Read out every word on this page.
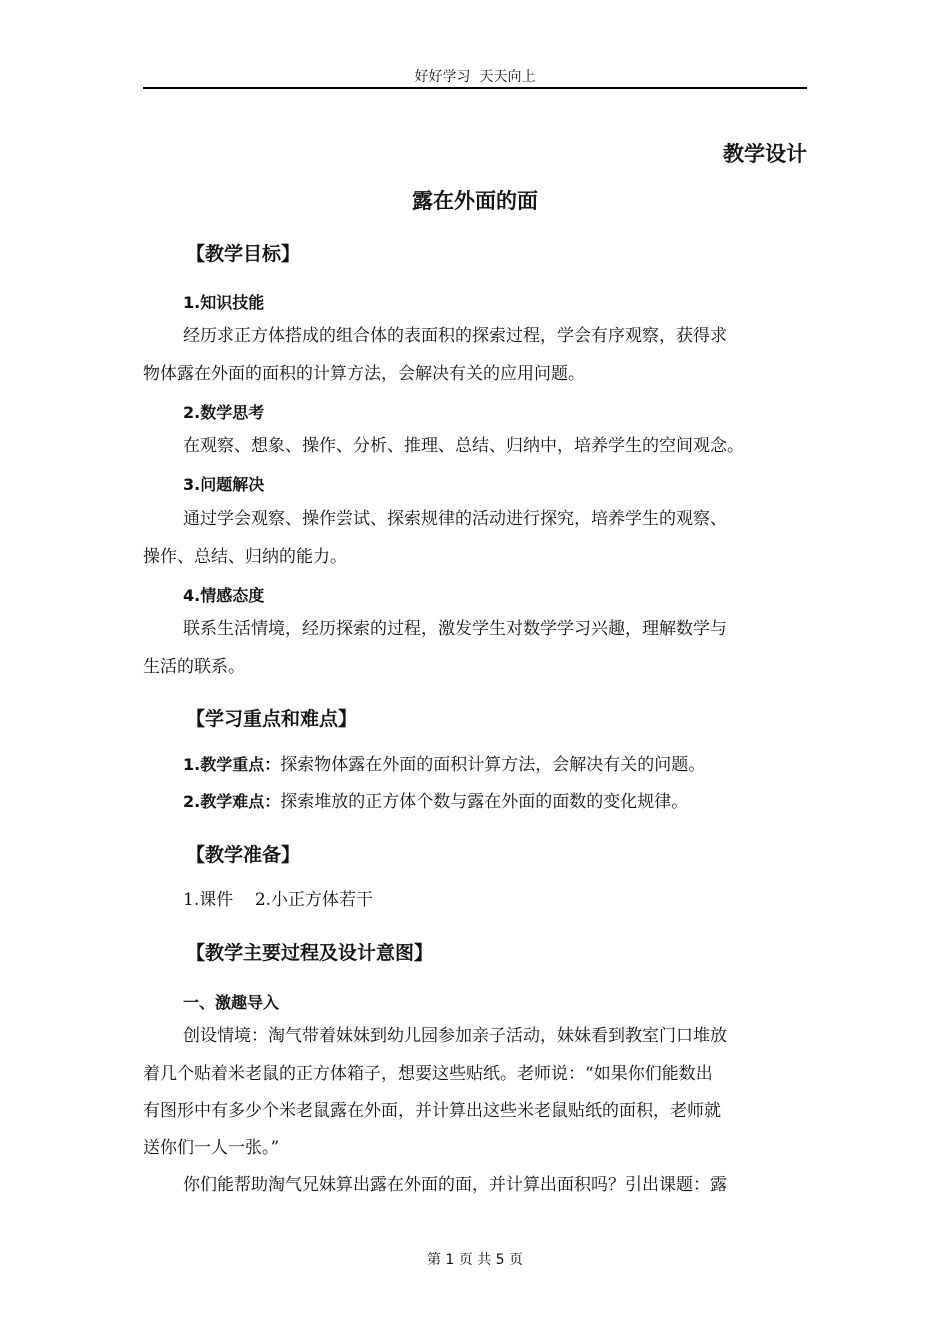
好好学习  天天向上
教学设计
露在外面的面
【教学目标】
1.知识技能
经历求正方体搭成的组合体的表面积的探索过程，学会有序观察，获得求
物体露在外面的面积的计算方法，会解决有关的应用问题。
2.数学思考
在观察、想象、操作、分析、推理、总结、归纳中，培养学生的空间观念。
3.问题解决
通过学会观察、操作尝试、探索规律的活动进行探究，培养学生的观察、
操作、总结、归纳的能力。
4.情感态度
联系生活情境，经历探索的过程，激发学生对数学学习兴趣，理解数学与
生活的联系。
【学习重点和难点】
1.教学重点：探索物体露在外面的面积计算方法，会解决有关的问题。
2.教学难点：探索堆放的正方体个数与露在外面的面数的变化规律。
【教学准备】
1.课件    2.小正方体若干
【教学主要过程及设计意图】
一、激趣导入
创设情境：淘气带着妹妹到幼儿园参加亲子活动，妹妹看到教室门口堆放
着几个贴着米老鼠的正方体箱子，想要这些贴纸。老师说：“如果你们能数出
有图形中有多少个米老鼠露在外面，并计算出这些米老鼠贴纸的面积，老师就
送你们一人一张。”
你们能帮助淘气兄妹算出露在外面的面，并计算出面积吗？引出课题：露
第 1 页 共 5 页
